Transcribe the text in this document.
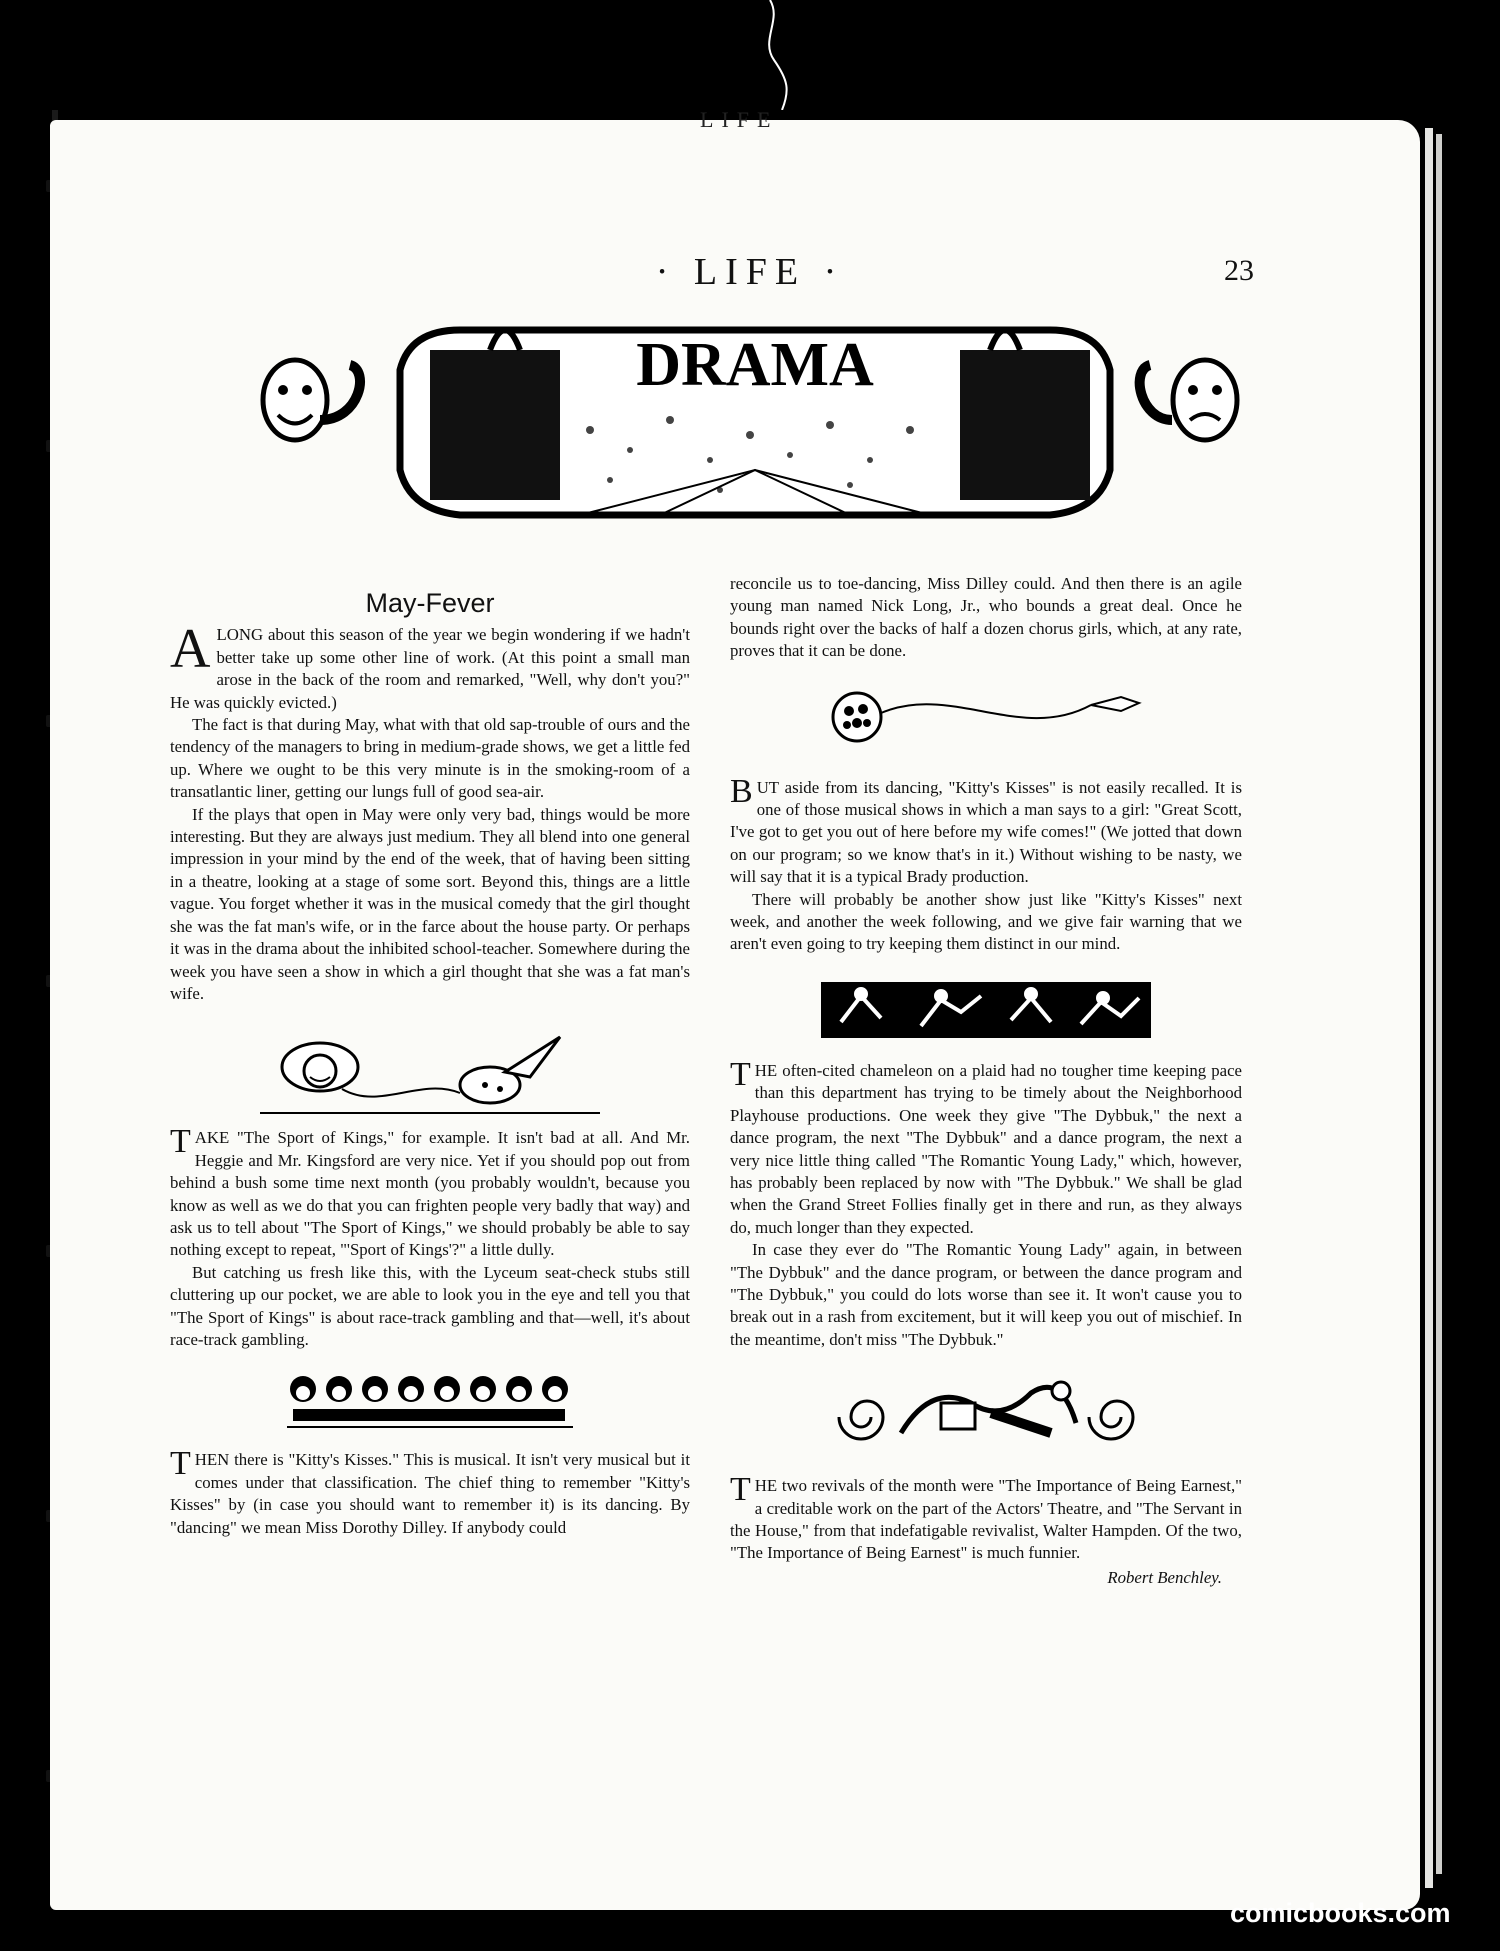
LIFE
· LIFE ·	23
DRAMA
May-Fever

ALONG about this season of the year we begin wondering if we hadn't better take up some other line of work. (At this point a small man arose in the back of the room and remarked, "Well, why don't you?" He was quickly evicted.)

The fact is that during May, what with that old sap-trouble of ours and the tendency of the managers to bring in medium-grade shows, we get a little fed up. Where we ought to be this very minute is in the smoking-room of a transatlantic liner, getting our lungs full of good sea-air.

If the plays that open in May were only very bad, things would be more interesting. But they are always just medium. They all blend into one general impression in your mind by the end of the week, that of having been sitting in a theatre, looking at a stage of some sort. Beyond this, things are a little vague. You forget whether it was in the musical comedy that the girl thought she was the fat man's wife, or in the farce about the house party. Or perhaps it was in the drama about the inhibited school-teacher. Somewhere during the week you have seen a show in which a girl thought that she was a fat man's wife.

TAKE "The Sport of Kings," for example. It isn't bad at all. And Mr. Heggie and Mr. Kingsford are very nice. Yet if you should pop out from behind a bush some time next month (you probably wouldn't, because you know as well as we do that you can frighten people very badly that way) and ask us to tell about "The Sport of Kings," we should probably be able to say nothing except to repeat, "'Sport of Kings'?" a little dully.

But catching us fresh like this, with the Lyceum seat-check stubs still cluttering up our pocket, we are able to look you in the eye and tell you that "The Sport of Kings" is about race-track gambling and that—well, it's about race-track gambling.

THEN there is "Kitty's Kisses." This is musical. It isn't very musical but it comes under that classification. The chief thing to remember "Kitty's Kisses" by (in case you should want to remember it) is its dancing. By "dancing" we mean Miss Dorothy Dilley. If anybody could

reconcile us to toe-dancing, Miss Dilley could. And then there is an agile young man named Nick Long, Jr., who bounds a great deal. Once he bounds right over the backs of half a dozen chorus girls, which, at any rate, proves that it can be done.

BUT aside from its dancing, "Kitty's Kisses" is not easily recalled. It is one of those musical shows in which a man says to a girl: "Great Scott, I've got to get you out of here before my wife comes!" (We jotted that down on our program; so we know that's in it.) Without wishing to be nasty, we will say that it is a typical Brady production.

There will probably be another show just like "Kitty's Kisses" next week, and another the week following, and we give fair warning that we aren't even going to try keeping them distinct in our mind.

THE often-cited chameleon on a plaid had no tougher time keeping pace than this department has trying to be timely about the Neighborhood Playhouse productions. One week they give "The Dybbuk," the next a dance program, the next "The Dybbuk" and a dance program, the next a very nice little thing called "The Romantic Young Lady," which, however, has probably been replaced by now with "The Dybbuk." We shall be glad when the Grand Street Follies finally get in there and run, as they always do, much longer than they expected.

In case they ever do "The Romantic Young Lady" again, in between "The Dybbuk" and the dance program, or between the dance program and "The Dybbuk," you could do lots worse than see it. It won't cause you to break out in a rash from excitement, but it will keep you out of mischief. In the meantime, don't miss "The Dybbuk."

THE two revivals of the month were "The Importance of Being Earnest," a creditable work on the part of the Actors' Theatre, and "The Servant in the House," from that indefatigable revivalist, Walter Hampden. Of the two, "The Importance of Being Earnest" is much funnier.

Robert Benchley.
comicbooks.com
